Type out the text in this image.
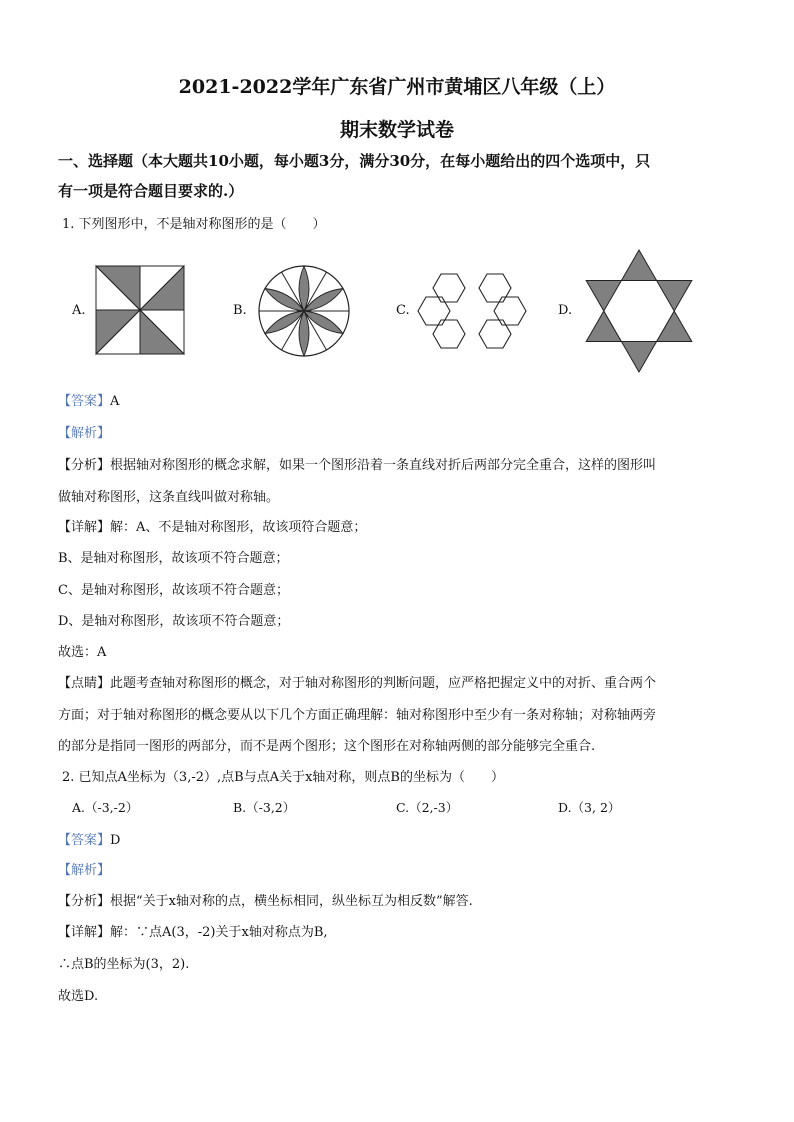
2021-2022学年广东省广州市黄埔区八年级（上）
期末数学试卷
一、选择题（本大题共10小题，每小题3分，满分30分，在每小题给出的四个选项中，只
有一项是符合题目要求的.）
1. 下列图形中，不是轴对称图形的是（　　）
A.	B.	C.	D.
【答案】A
【解析】
【分析】根据轴对称图形的概念求解，如果一个图形沿着一条直线对折后两部分完全重合，这样的图形叫
做轴对称图形，这条直线叫做对称轴。
【详解】解：A、不是轴对称图形，故该项符合题意；
B、是轴对称图形，故该项不符合题意；
C、是轴对称图形，故该项不符合题意；
D、是轴对称图形，故该项不符合题意；
故选：A
【点睛】此题考查轴对称图形的概念，对于轴对称图形的判断问题，应严格把握定义中的对折、重合两个
方面；对于轴对称图形的概念要从以下几个方面正确理解：轴对称图形中至少有一条对称轴；对称轴两旁
的部分是指同一图形的两部分，而不是两个图形；这个图形在对称轴两侧的部分能够完全重合.
2. 已知点A坐标为（3,-2）,点B与点A关于x轴对称，则点B的坐标为（　　）
A.（-3,-2）	B.（-3,2）	C.（2,-3）	D.（3, 2）
【答案】D
【解析】
【分析】根据“关于x轴对称的点，横坐标相同，纵坐标互为相反数”解答.
【详解】解：∵点A(3，-2)关于x轴对称点为B,
∴点B的坐标为(3，2).
故选D.
